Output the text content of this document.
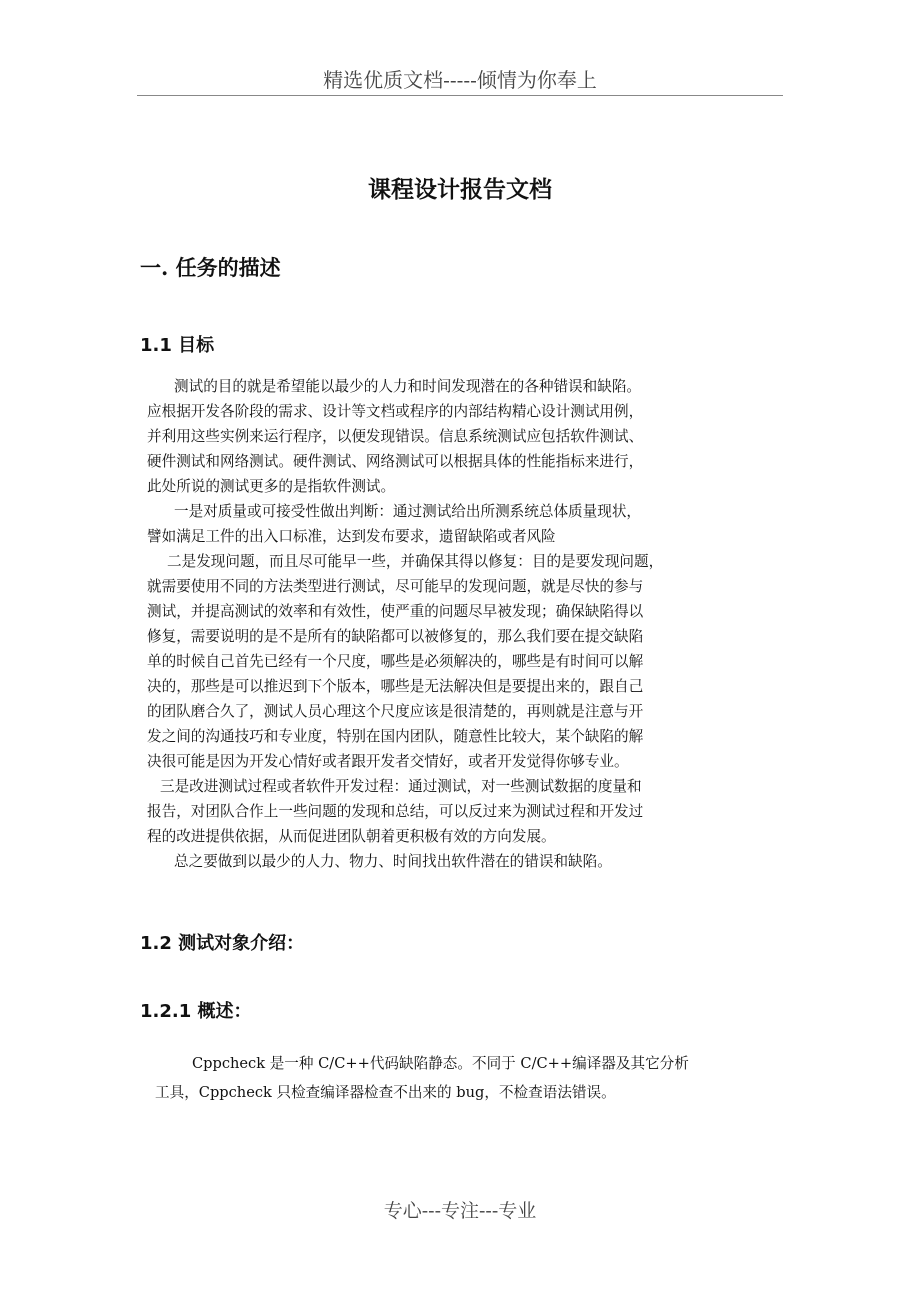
精选优质文档-----倾情为你奉上
课程设计报告文档
一. 任务的描述
1.1 目标
测试的目的就是希望能以最少的人力和时间发现潜在的各种错误和缺陷。
应根据开发各阶段的需求、设计等文档或程序的内部结构精心设计测试用例，
并利用这些实例来运行程序，以便发现错误。信息系统测试应包括软件测试、
硬件测试和网络测试。硬件测试、网络测试可以根据具体的性能指标来进行，
此处所说的测试更多的是指软件测试。
一是对质量或可接受性做出判断：通过测试给出所测系统总体质量现状，
譬如满足工件的出入口标准，达到发布要求，遗留缺陷或者风险
二是发现问题，而且尽可能早一些，并确保其得以修复：目的是要发现问题，
就需要使用不同的方法类型进行测试，尽可能早的发现问题，就是尽快的参与
测试，并提高测试的效率和有效性，使严重的问题尽早被发现；确保缺陷得以
修复，需要说明的是不是所有的缺陷都可以被修复的，那么我们要在提交缺陷
单的时候自己首先已经有一个尺度，哪些是必须解决的，哪些是有时间可以解
决的，那些是可以推迟到下个版本，哪些是无法解决但是要提出来的，跟自己
的团队磨合久了，测试人员心理这个尺度应该是很清楚的，再则就是注意与开
发之间的沟通技巧和专业度，特别在国内团队，随意性比较大，某个缺陷的解
决很可能是因为开发心情好或者跟开发者交情好，或者开发觉得你够专业。
三是改进测试过程或者软件开发过程：通过测试，对一些测试数据的度量和
报告，对团队合作上一些问题的发现和总结，可以反过来为测试过程和开发过
程的改进提供依据，从而促进团队朝着更积极有效的方向发展。
总之要做到以最少的人力、物力、时间找出软件潜在的错误和缺陷。
1.2 测试对象介绍：
1.2.1 概述：
Cppcheck 是一种 C/C++代码缺陷静态。不同于 C/C++编译器及其它分析
工具，Cppcheck 只检查编译器检查不出来的 bug，不检查语法错误。
专心---专注---专业
